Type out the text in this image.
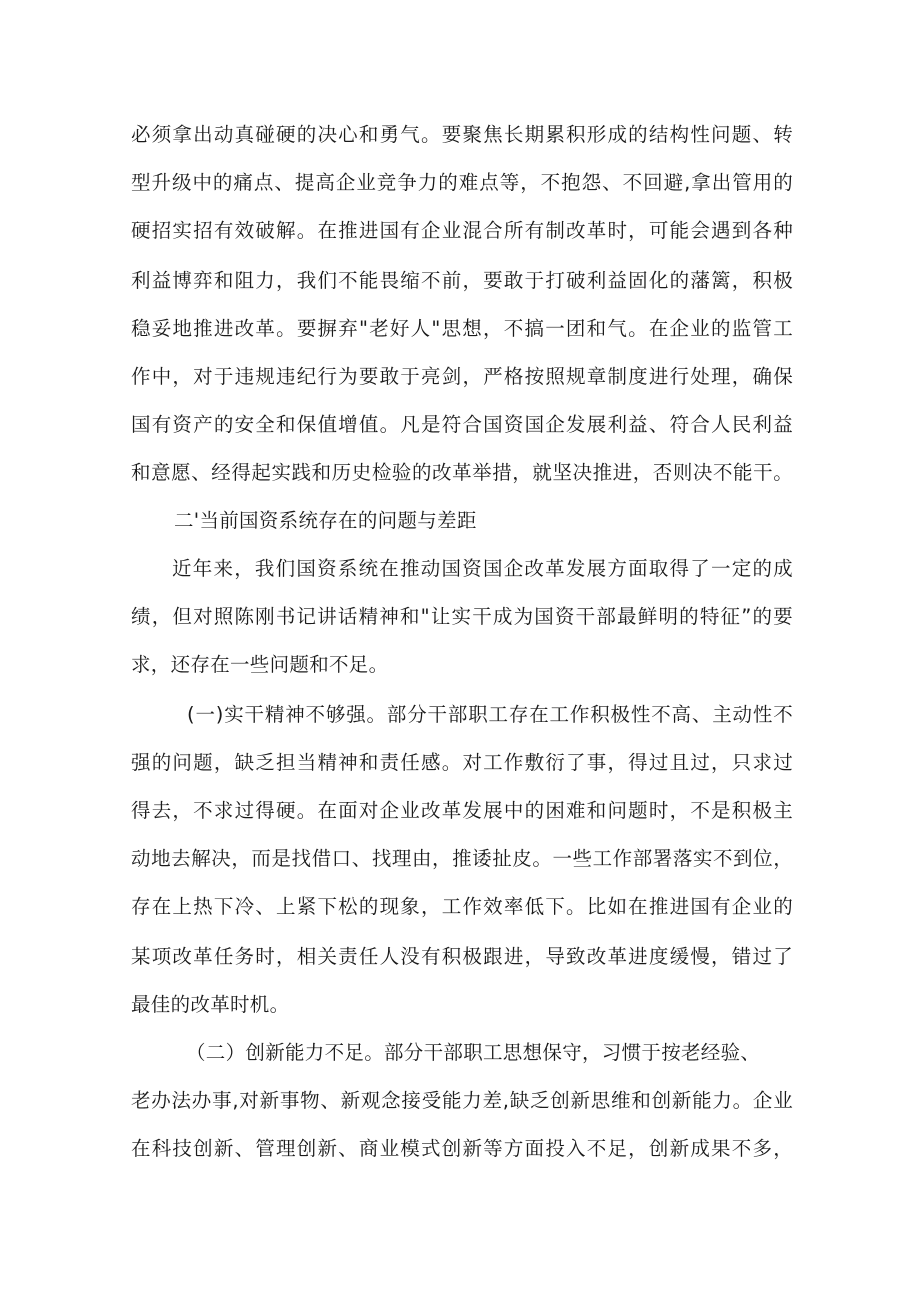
必须拿出动真碰硬的决心和勇气。要聚焦长期累积形成的结构性问题、转
型升级中的痛点、提高企业竞争力的难点等，不抱怨、不回避,拿出管用的
硬招实招有效破解。在推进国有企业混合所有制改革时，可能会遇到各种
利益博弈和阻力，我们不能畏缩不前，要敢于打破利益固化的藩篱，积极
稳妥地推进改革。要摒弃"老好人"思想，不搞一团和气。在企业的监管工
作中，对于违规违纪行为要敢于亮剑，严格按照规章制度进行处理，确保
国有资产的安全和保值增值。凡是符合国资国企发展利益、符合人民利益
和意愿、经得起实践和历史检验的改革举措，就坚决推进，否则决不能干。
二'当前国资系统存在的问题与差距
近年来，我们国资系统在推动国资国企改革发展方面取得了一定的成
绩，但对照陈刚书记讲话精神和"让实干成为国资干部最鲜明的特征”的要
求，还存在一些问题和不足。
(一)实干精神不够强。部分干部职工存在工作积极性不高、主动性不
强的问题，缺乏担当精神和责任感。对工作敷衍了事，得过且过，只求过
得去，不求过得硬。在面对企业改革发展中的困难和问题时，不是积极主
动地去解决，而是找借口、找理由，推诿扯皮。一些工作部署落实不到位，
存在上热下冷、上紧下松的现象，工作效率低下。比如在推进国有企业的
某项改革任务时，相关责任人没有积极跟进，导致改革进度缓慢，错过了
最佳的改革时机。
（二）创新能力不足。部分干部职工思想保守，习惯于按老经验、
老办法办事,对新事物、新观念接受能力差,缺乏创新思维和创新能力。企业
在科技创新、管理创新、商业模式创新等方面投入不足，创新成果不多，
